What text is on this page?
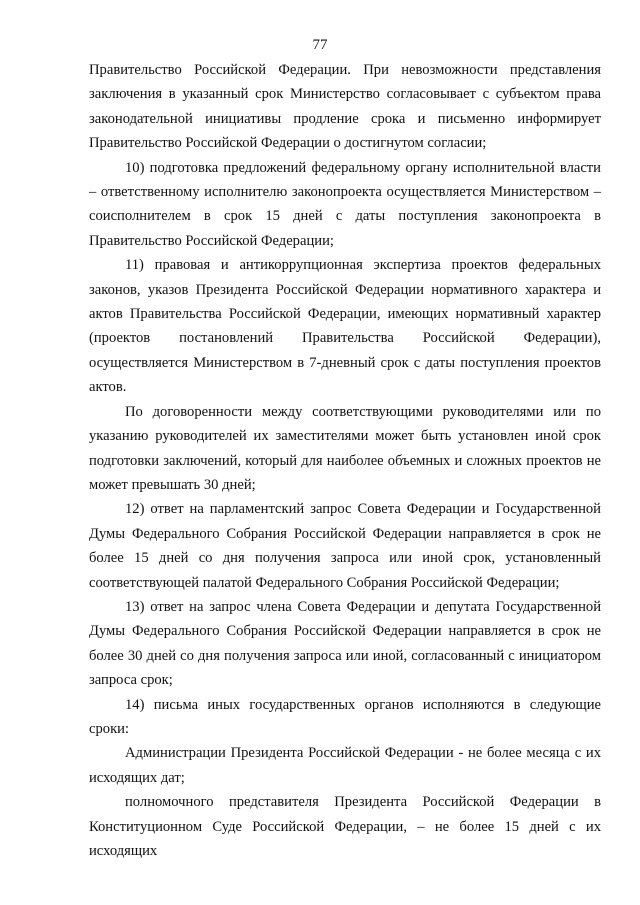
77

Правительство Российской Федерации. При невозможности представления заключения в указанный срок Министерство согласовывает с субъектом права законодательной инициативы продление срока и письменно информирует Правительство Российской Федерации о достигнутом согласии;

10) подготовка предложений федеральному органу исполнительной власти – ответственному исполнителю законопроекта осуществляется Министерством – соисполнителем в срок 15 дней с даты поступления законопроекта в Правительство Российской Федерации;

11) правовая и антикоррупционная экспертиза проектов федеральных законов, указов Президента Российской Федерации нормативного характера и актов Правительства Российской Федерации, имеющих нормативный характер (проектов постановлений Правительства Российской Федерации), осуществляется Министерством в 7-дневный срок с даты поступления проектов актов.

По договоренности между соответствующими руководителями или по указанию руководителей их заместителями может быть установлен иной срок подготовки заключений, который для наиболее объемных и сложных проектов не может превышать 30 дней;

12) ответ на парламентский запрос Совета Федерации и Государственной Думы Федерального Собрания Российской Федерации направляется в срок не более 15 дней со дня получения запроса или иной срок, установленный соответствующей палатой Федерального Собрания Российской Федерации;

13) ответ на запрос члена Совета Федерации и депутата Государственной Думы Федерального Собрания Российской Федерации направляется в срок не более 30 дней со дня получения запроса или иной, согласованный с инициатором запроса срок;

14) письма иных государственных органов исполняются в следующие сроки:

Администрации Президента Российской Федерации - не более месяца с их исходящих дат;

полномочного представителя Президента Российской Федерации в Конституционном Суде Российской Федерации, – не более 15 дней с их исходящих
